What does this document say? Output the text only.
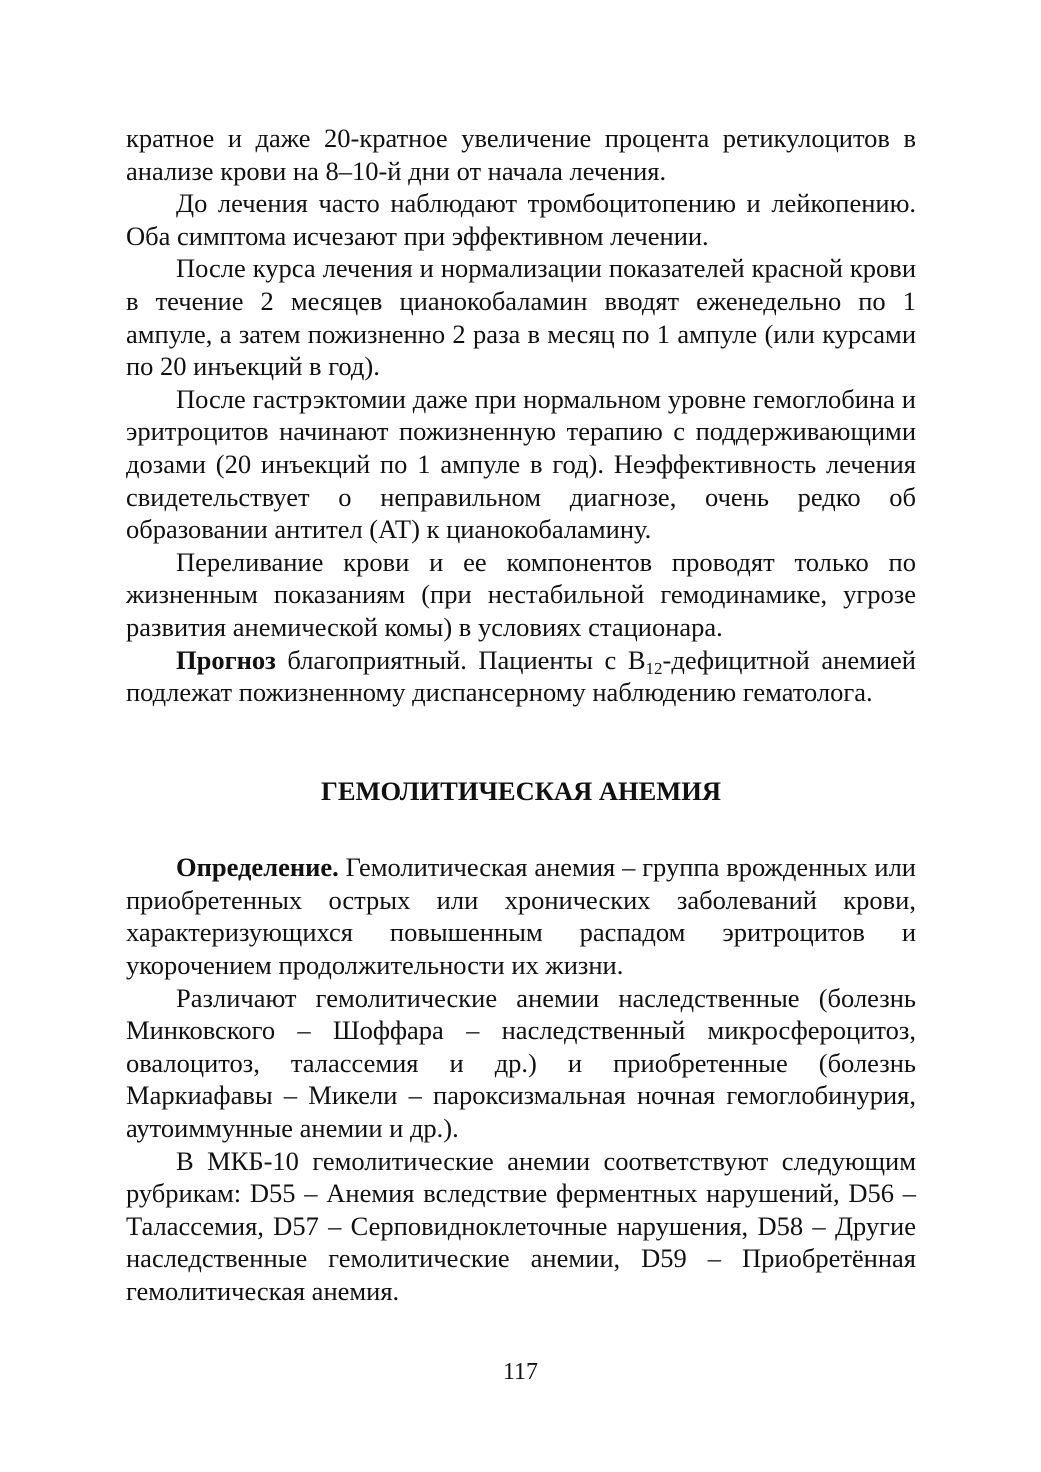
кратное и даже 20-кратное увеличение процента ретикулоцитов в анализе крови на 8–10-й дни от начала лечения.

До лечения часто наблюдают тромбоцитопению и лейкопению. Оба симптома исчезают при эффективном лечении.

После курса лечения и нормализации показателей красной крови в течение 2 месяцев цианокобаламин вводят еженедельно по 1 ампуле, а затем пожизненно 2 раза в месяц по 1 ампуле (или курсами по 20 инъекций в год).

После гастрэктомии даже при нормальном уровне гемоглобина и эритроцитов начинают пожизненную терапию с поддерживающими дозами (20 инъекций по 1 ампуле в год). Неэффективность лечения свидетельствует о неправильном диагнозе, очень редко об образовании антител (АТ) к цианокобаламину.

Переливание крови и ее компонентов проводят только по жизненным показаниям (при нестабильной гемодинамике, угрозе развития анемической комы) в условиях стационара.

Прогноз благоприятный. Пациенты с $B_{12}$-дефицитной анемией подлежат пожизненному диспансерному наблюдению гематолога.

ГЕМОЛИТИЧЕСКАЯ АНЕМИЯ

Определение. Гемолитическая анемия – группа врожденных или приобретенных острых или хронических заболеваний крови, характеризующихся повышенным распадом эритроцитов и укорочением продолжительности их жизни.

Различают гемолитические анемии наследственные (болезнь Минковского – Шоффара – наследственный микросфероцитоз, овалоцитоз, талассемия и др.) и приобретенные (болезнь Маркиафавы – Микели – пароксизмальная ночная гемоглобинурия, аутоиммунные анемии и др.).

В МКБ-10 гемолитические анемии соответствуют следующим рубрикам: D55 – Анемия вследствие ферментных нарушений, D56 – Талассемия, D57 – Серповидноклеточные нарушения, D58 – Другие наследственные гемолитические анемии, D59 – Приобретённая гемолитическая анемия.

117
